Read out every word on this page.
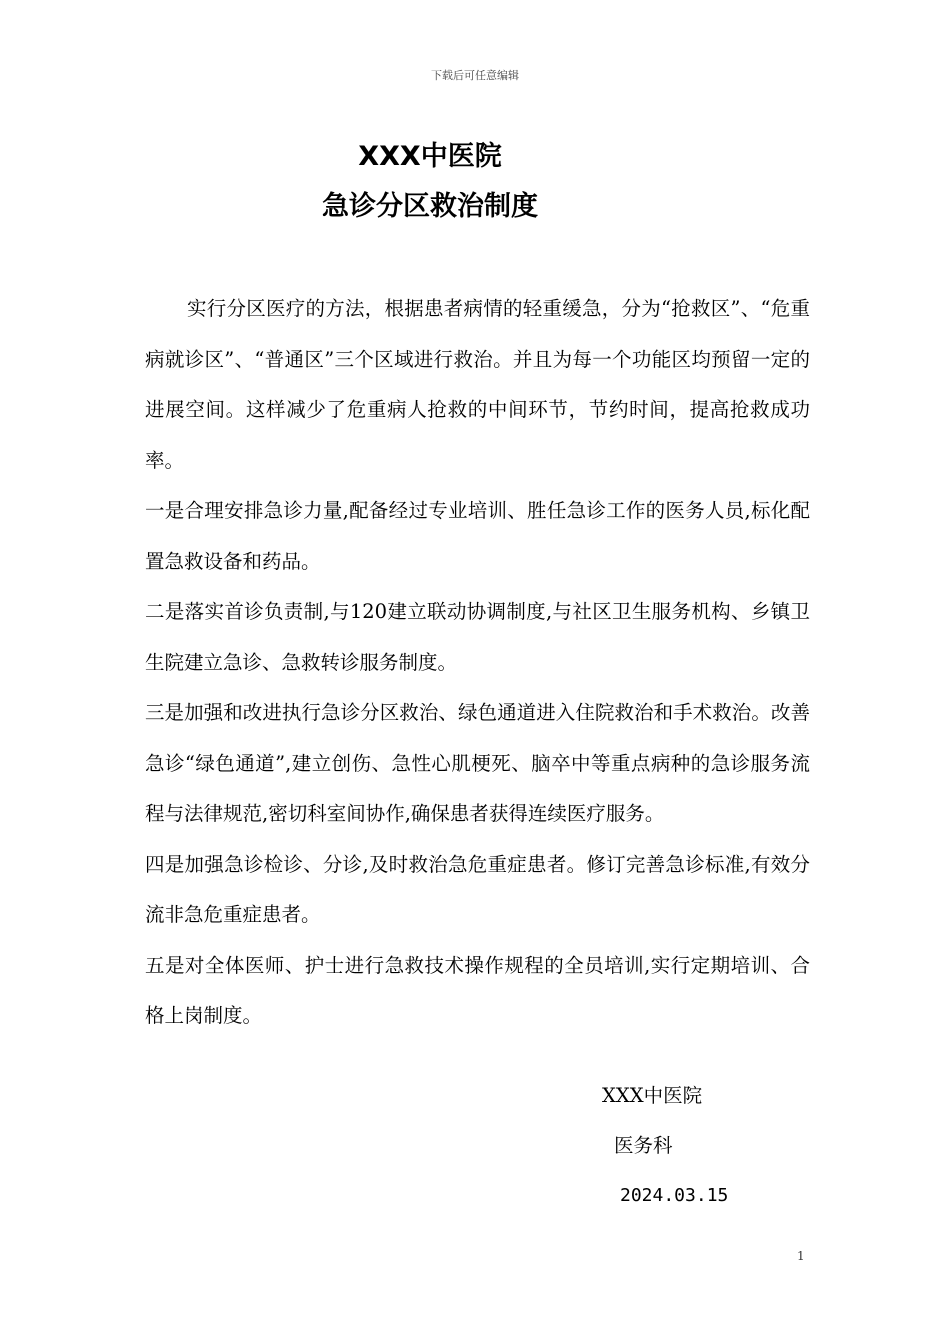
下载后可任意编辑
XXX中医院
急诊分区救治制度

实行分区医疗的方法，根据患者病情的轻重缓急，分为“抢救区”、“危重病就诊区”、“普通区”三个区域进行救治。并且为每一个功能区均预留一定的进展空间。这样减少了危重病人抢救的中间环节，节约时间，提高抢救成功率。

一是合理安排急诊力量,配备经过专业培训、胜任急诊工作的医务人员,标化配置急救设备和药品。

二是落实首诊负责制,与120建立联动协调制度,与社区卫生服务机构、乡镇卫生院建立急诊、急救转诊服务制度。

三是加强和改进执行急诊分区救治、绿色通道进入住院救治和手术救治。改善急诊“绿色通道”,建立创伤、急性心肌梗死、脑卒中等重点病种的急诊服务流程与法律规范,密切科室间协作,确保患者获得连续医疗服务。

四是加强急诊检诊、分诊,及时救治急危重症患者。修订完善急诊标准,有效分流非急危重症患者。

五是对全体医师、护士进行急救技术操作规程的全员培训,实行定期培训、合格上岗制度。

XXX中医院
医务科
2024.03.15
1
